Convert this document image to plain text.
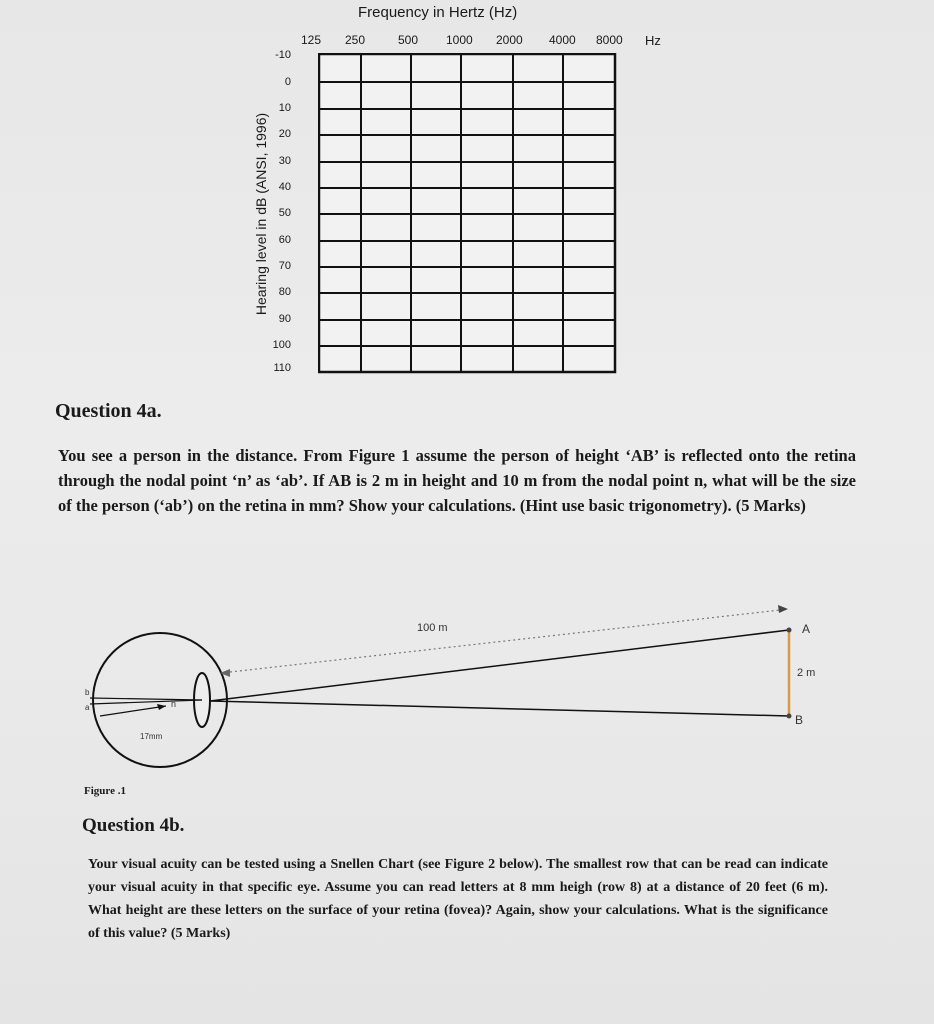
Frequency in Hertz (Hz)
125 250	500 1000 2000 4000 8000 Hz
-10
0
10
20
30
40
50
60
70
80
90
100
110
Hearing level in dB (ANSI, 1996)
Question 4a.
You see a person in the distance. From Figure 1 assume the person of height ‘AB’ is reflected onto the retina through the nodal point ‘n’ as ‘ab’. If AB is 2 m in height and 10 m from the nodal point n, what will be the size of the person (‘ab’) on the retina in mm? Show your calculations. (Hint use basic trigonometry). (5 Marks)
100 m	A
2 m
B
n
17mm
b
a
Figure .1
Question 4b.
Your visual acuity can be tested using a Snellen Chart (see Figure 2 below). The smallest row that can be read can indicate your visual acuity in that specific eye. Assume you can read letters at 8 mm heigh (row 8) at a distance of 20 feet (6 m). What height are these letters on the surface of your retina (fovea)? Again, show your calculations. What is the significance of this value? (5 Marks)
